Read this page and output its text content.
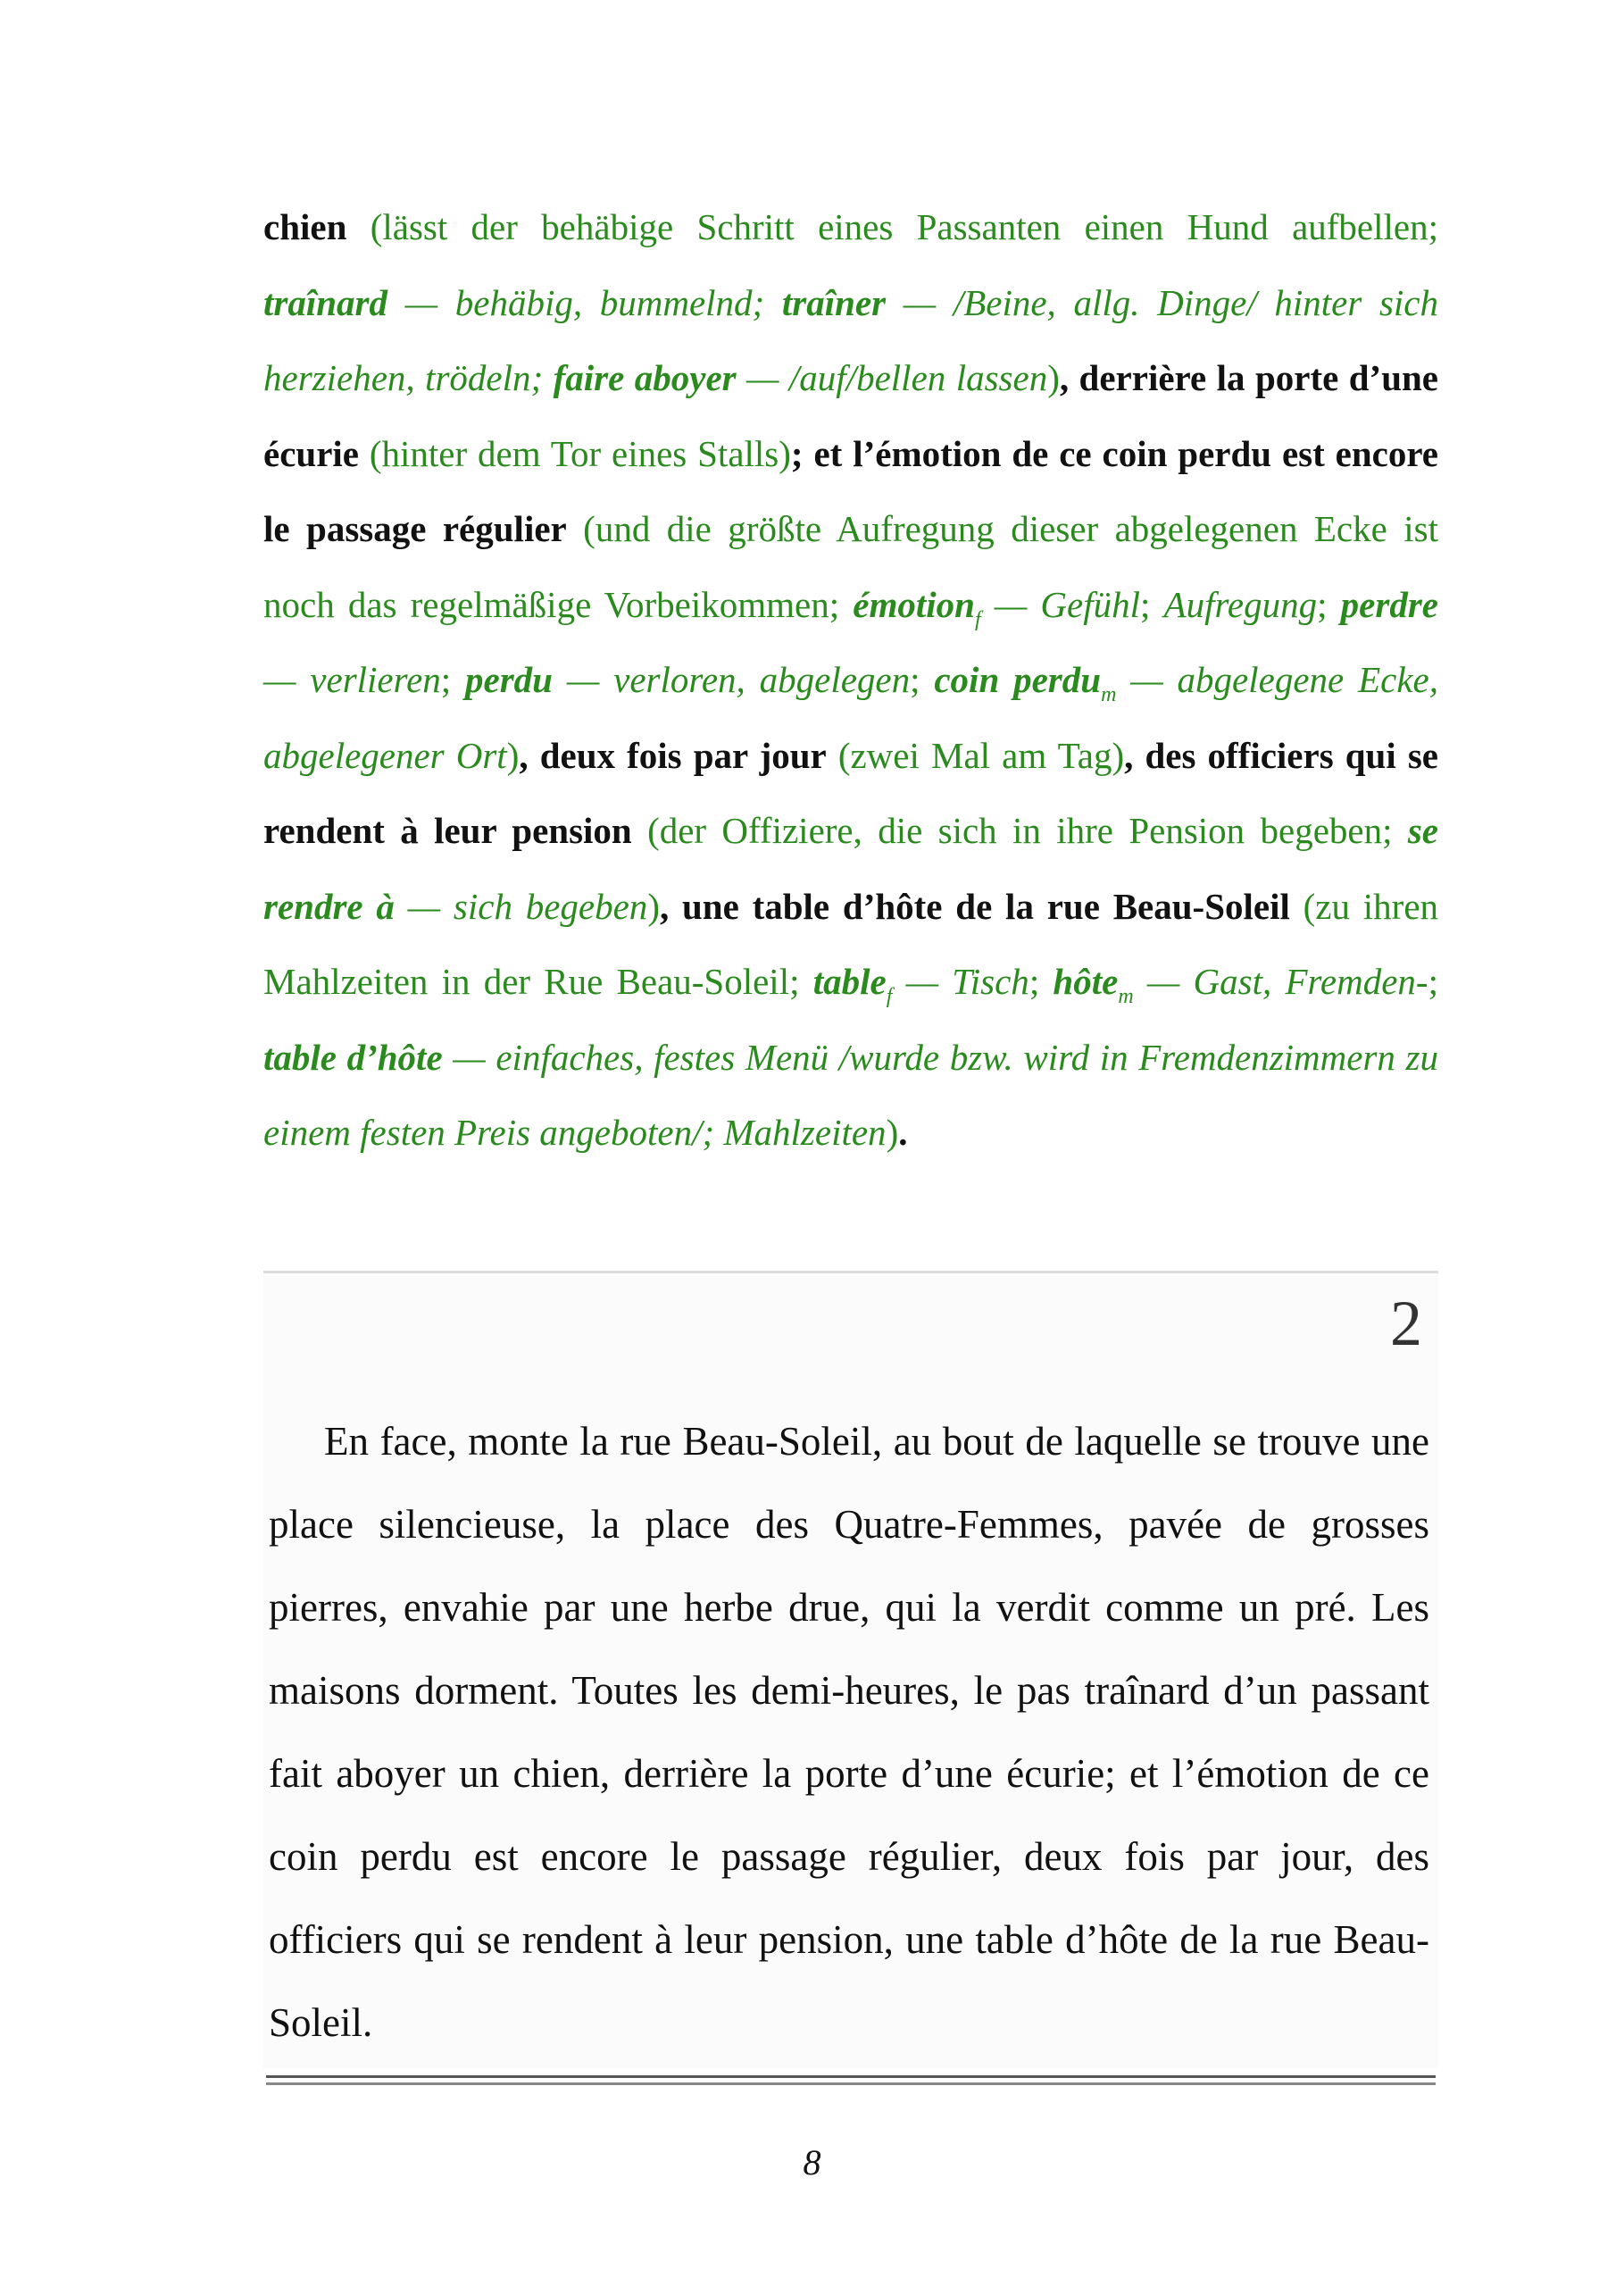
chien (lässt der behäbige Schritt eines Passanten einen Hund aufbellen; traînard — behäbig, bummelnd; traîner — /Beine, allg. Dinge/ hinter sich herziehen, trödeln; faire aboyer — /auf/bellen lassen), derrière la porte d’une écurie (hinter dem Tor eines Stalls); et l’émotion de ce coin perdu est encore le passage régulier (und die größte Aufregung dieser abgelegenen Ecke ist noch das regelmäßige Vorbeikommen; émotion$_f$ — Gefühl; Aufregung; perdre — verlieren; perdu — verloren, abgelegen; coin perdu$_m$ — abgelegene Ecke, abgelegener Ort), deux fois par jour (zwei Mal am Tag), des officiers qui se rendent à leur pension (der Offiziere, die sich in ihre Pension begeben; se rendre à — sich begeben), une table d’hôte de la rue Beau-Soleil (zu ihren Mahlzeiten in der Rue Beau-Soleil; table$_f$ — Tisch; hôte$_m$ — Gast, Fremden-; table d’hôte — einfaches, festes Menü /wurde bzw. wird in Fremdenzimmern zu einem festen Preis angeboten/; Mahlzeiten).
2

En face, monte la rue Beau-Soleil, au bout de laquelle se trouve une place silencieuse, la place des Quatre-Femmes, pavée de grosses pierres, envahie par une herbe drue, qui la verdit comme un pré. Les maisons dorment. Toutes les demi-heures, le pas traînard d’un passant fait aboyer un chien, derrière la porte d’une écurie; et l’émotion de ce coin perdu est encore le passage régulier, deux fois par jour, des officiers qui se rendent à leur pension, une table d’hôte de la rue Beau-Soleil.

8
